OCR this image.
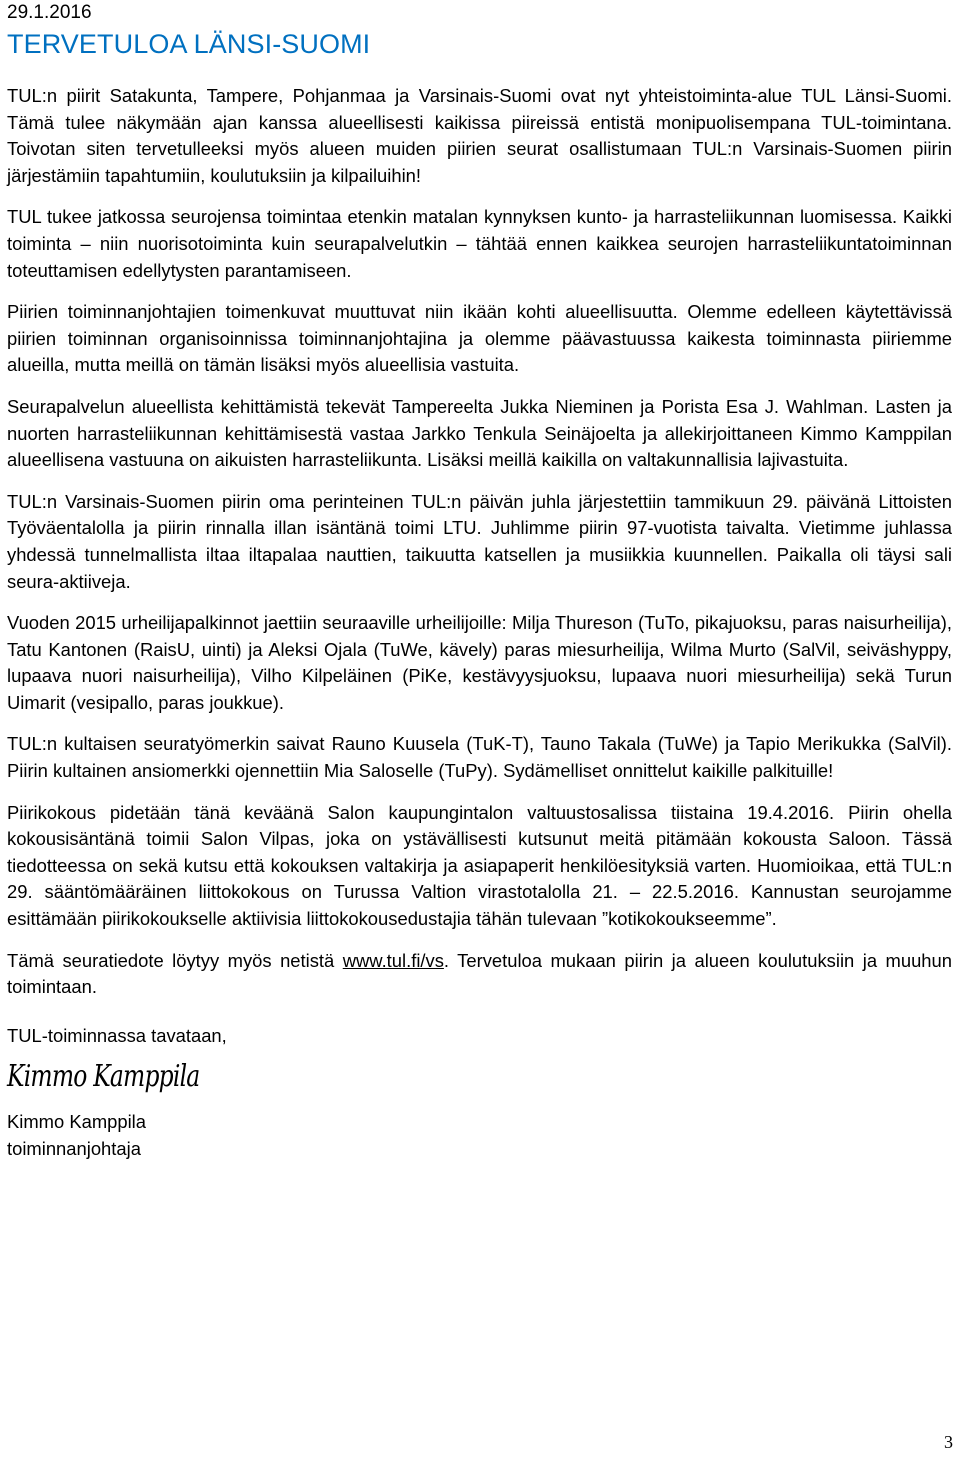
29.1.2016
TERVETULOA LÄNSI-SUOMI

TUL:n piirit Satakunta, Tampere, Pohjanmaa ja Varsinais-Suomi ovat nyt yhteistoiminta-alue TUL Länsi-Suomi. Tämä tulee näkymään ajan kanssa alueellisesti kaikissa piireissä entistä monipuolisempana TUL-toimintana. Toivotan siten tervetulleeksi myös alueen muiden piirien seurat osallistumaan TUL:n Varsinais-Suomen piirin järjestämiin tapahtumiin, koulutuksiin ja kilpailuihin!

TUL tukee jatkossa seurojensa toimintaa etenkin matalan kynnyksen kunto- ja harrasteliikunnan luomisessa. Kaikki toiminta – niin nuorisotoiminta kuin seurapalvelutkin – tähtää ennen kaikkea seurojen harrasteliikuntatoiminnan toteuttamisen edellytysten parantamiseen.

Piirien toiminnanjohtajien toimenkuvat muuttuvat niin ikään kohti alueellisuutta. Olemme edelleen käytettävissä piirien toiminnan organisoinnissa toiminnanjohtajina ja olemme päävastuussa kaikesta toiminnasta piiriemme alueilla, mutta meillä on tämän lisäksi myös alueellisia vastuita.

Seurapalvelun alueellista kehittämistä tekevät Tampereelta Jukka Nieminen ja Porista Esa J. Wahlman. Lasten ja nuorten harrasteliikunnan kehittämisestä vastaa Jarkko Tenkula Seinäjoelta ja allekirjoittaneen Kimmo Kamppilan alueellisena vastuuna on aikuisten harrasteliikunta. Lisäksi meillä kaikilla on valtakunnallisia lajivastuita.

TUL:n Varsinais-Suomen piirin oma perinteinen TUL:n päivän juhla järjestettiin tammikuun 29. päivänä Littoisten Työväentalolla ja piirin rinnalla illan isäntänä toimi LTU. Juhlimme piirin 97-vuotista taivalta. Vietimme juhlassa yhdessä tunnelmallista iltaa iltapalaa nauttien, taikuutta katsellen ja musiikkia kuunnellen. Paikalla oli täysi sali seura-aktiiveja.

Vuoden 2015 urheilijapalkinnot jaettiin seuraaville urheilijoille: Milja Thureson (TuTo, pikajuoksu, paras naisurheilija), Tatu Kantonen (RaisU, uinti) ja Aleksi Ojala (TuWe, kävely) paras miesurheilija, Wilma Murto (SalVil, seiväshyppy, lupaava nuori naisurheilija), Vilho Kilpeläinen (PiKe, kestävyysjuoksu, lupaava nuori miesurheilija) sekä Turun Uimarit (vesipallo, paras joukkue).

TUL:n kultaisen seuratyömerkin saivat Rauno Kuusela (TuK-T), Tauno Takala (TuWe) ja Tapio Merikukka (SalVil). Piirin kultainen ansiomerkki ojennettiin Mia Saloselle (TuPy). Sydämelliset onnittelut kaikille palkituille!

Piirikokous pidetään tänä keväänä Salon kaupungintalon valtuustosalissa tiistaina 19.4.2016. Piirin ohella kokousisäntänä toimii Salon Vilpas, joka on ystävällisesti kutsunut meitä pitämään kokousta Saloon. Tässä tiedotteessa on sekä kutsu että kokouksen valtakirja ja asiapaperit henkilöesityksiä varten. Huomioikaa, että TUL:n 29. sääntömääräinen liittokokous on Turussa Valtion virastotalolla 21. – 22.5.2016. Kannustan seurojamme esittämään piirikokoukselle aktiivisia liittokokousedustajia tähän tulevaan ”kotikokoukseemme”.

Tämä seuratiedote löytyy myös netistä www.tul.fi/vs. Tervetuloa mukaan piirin ja alueen koulutuksiin ja muuhun toimintaan.

TUL-toiminnassa tavataan,
Kimmo Kamppila
Kimmo Kamppila
toiminnanjohtaja
3
